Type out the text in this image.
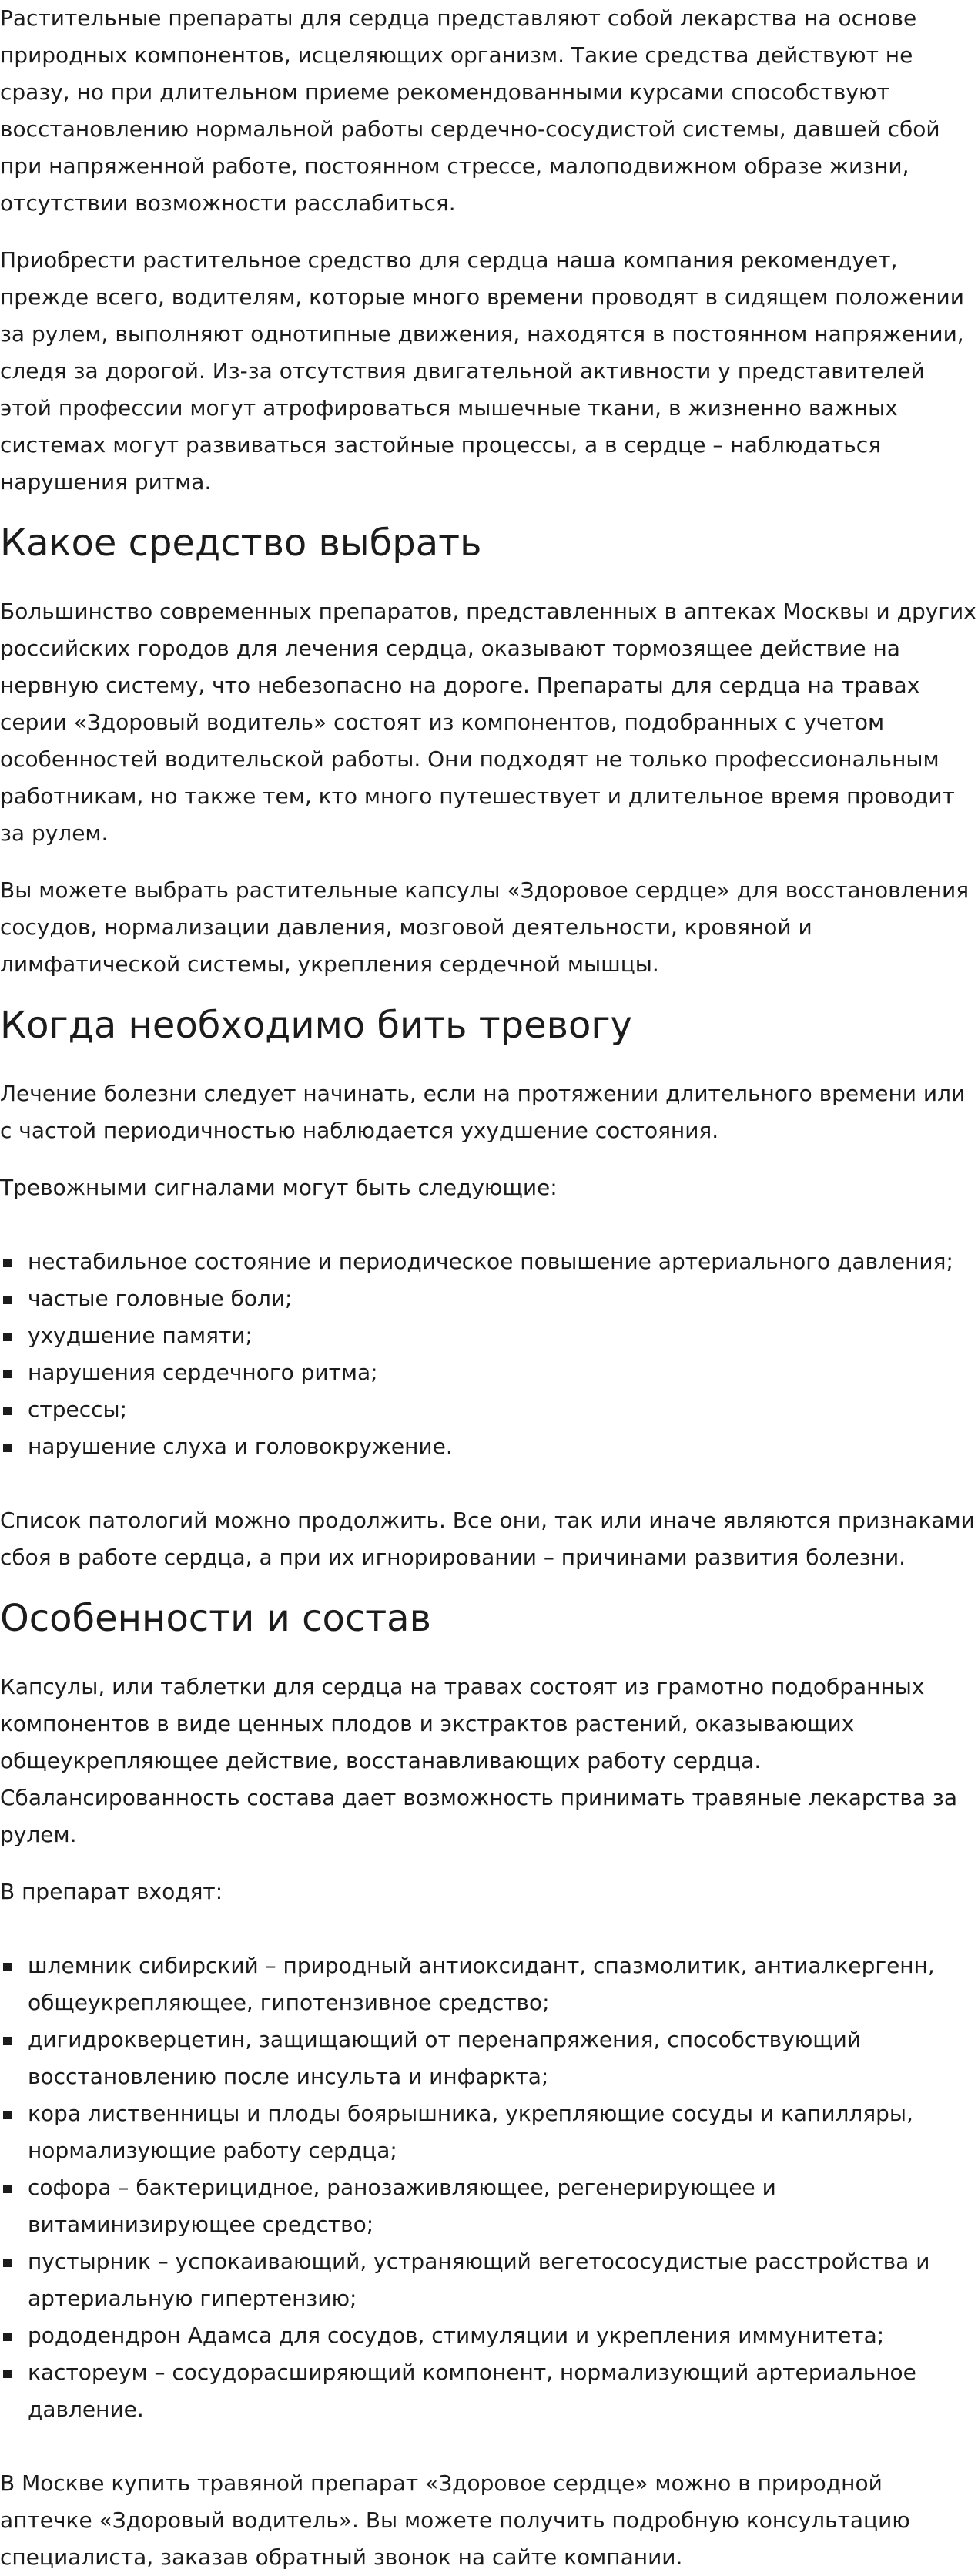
Растительные препараты для сердца представляют собой лекарства на основе природных компонентов, исцеляющих организм. Такие средства действуют не сразу, но при длительном приеме рекомендованными курсами способствуют восстановлению нормальной работы сердечно-сосудистой системы, давшей сбой при напряженной работе, постоянном стрессе, малоподвижном образе жизни, отсутствии возможности расслабиться.

Приобрести растительное средство для сердца наша компания рекомендует, прежде всего, водителям, которые много времени проводят в сидящем положении за рулем, выполняют однотипные движения, находятся в постоянном напряжении, следя за дорогой. Из-за отсутствия двигательной активности у представителей этой профессии могут атрофироваться мышечные ткани, в жизненно важных системах могут развиваться застойные процессы, а в сердце – наблюдаться нарушения ритма.

Какое средство выбрать

Большинство современных препаратов, представленных в аптеках Москвы и других российских городов для лечения сердца, оказывают тормозящее действие на нервную систему, что небезопасно на дороге. Препараты для сердца на травах серии «Здоровый водитель» состоят из компонентов, подобранных с учетом особенностей водительской работы. Они подходят не только профессиональным работникам, но также тем, кто много путешествует и длительное время проводит за рулем.

Вы можете выбрать растительные капсулы «Здоровое сердце» для восстановления сосудов, нормализации давления, мозговой деятельности, кровяной и лимфатической системы, укрепления сердечной мышцы.

Когда необходимо бить тревогу

Лечение болезни следует начинать, если на протяжении длительного времени или с частой периодичностью наблюдается ухудшение состояния.

Тревожными сигналами могут быть следующие:

нестабильное состояние и периодическое повышение артериального давления;
частые головные боли;
ухудшение памяти;
нарушения сердечного ритма;
стрессы;
нарушение слуха и головокружение.

Список патологий можно продолжить. Все они, так или иначе являются признаками сбоя в работе сердца, а при их игнорировании – причинами развития болезни.

Особенности и состав

Капсулы, или таблетки для сердца на травах состоят из грамотно подобранных компонентов в виде ценных плодов и экстрактов растений, оказывающих общеукрепляющее действие, восстанавливающих работу сердца. Сбалансированность состава дает возможность принимать травяные лекарства за рулем.

В препарат входят:

шлемник сибирский – природный антиоксидант, спазмолитик, антиалкергенн, общеукрепляющее, гипотензивное средство;
дигидрокверцетин, защищающий от перенапряжения, способствующий восстановлению после инсульта и инфаркта;
кора лиственницы и плоды боярышника, укрепляющие сосуды и капилляры, нормализующие работу сердца;
софора – бактерицидное, ранозаживляющее, регенерирующее и витаминизирующее средство;
пустырник – успокаивающий, устраняющий вегетососудистые расстройства и артериальную гипертензию;
рододендрон Адамса для сосудов, стимуляции и укрепления иммунитета;
кастореум – сосудорасширяющий компонент, нормализующий артериальное давление.

В Москве купить травяной препарат «Здоровое сердце» можно в природной аптечке «Здоровый водитель». Вы можете получить подробную консультацию специалиста, заказав обратный звонок на сайте компании.
